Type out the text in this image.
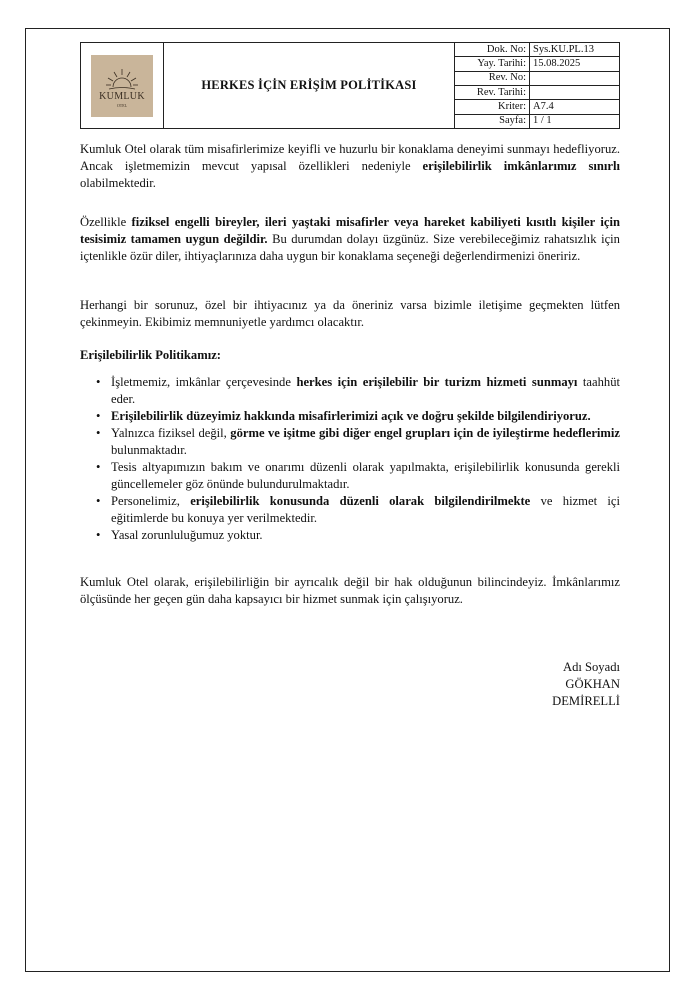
KUMLUK
OTEL
HERKES İÇİN ERİŞİM POLİTİKASI
Dok. No:	Sys.KU.PL.13
Yay. Tarihi:	15.08.2025
Rev. No:	
Rev. Tarihi:	
Kriter:	A7.4
Sayfa:	1 / 1

Kumluk Otel olarak tüm misafirlerimize keyifli ve huzurlu bir konaklama deneyimi sunmayı hedefliyoruz. Ancak işletmemizin mevcut yapısal özellikleri nedeniyle erişilebilirlik imkânlarımız sınırlı olabilmektedir.

Özellikle fiziksel engelli bireyler, ileri yaştaki misafirler veya hareket kabiliyeti kısıtlı kişiler için tesisimiz tamamen uygun değildir. Bu durumdan dolayı üzgünüz. Size verebileceğimiz rahatsızlık için içtenlikle özür diler, ihtiyaçlarınıza daha uygun bir konaklama seçeneği değerlendirmenizi öneririz.

Herhangi bir sorunuz, özel bir ihtiyacınız ya da öneriniz varsa bizimle iletişime geçmekten lütfen çekinmeyin. Ekibimiz memnuniyetle yardımcı olacaktır.

Erişilebilirlik Politikamız:
• İşletmemiz, imkânlar çerçevesinde herkes için erişilebilir bir turizm hizmeti sunmayı taahhüt eder.
• Erişilebilirlik düzeyimiz hakkında misafirlerimizi açık ve doğru şekilde bilgilendiriyoruz.
• Yalnızca fiziksel değil, görme ve işitme gibi diğer engel grupları için de iyileştirme hedeflerimiz bulunmaktadır.
• Tesis altyapımızın bakım ve onarımı düzenli olarak yapılmakta, erişilebilirlik konusunda gerekli güncellemeler göz önünde bulundurulmaktadır.
• Personelimiz, erişilebilirlik konusunda düzenli olarak bilgilendirilmekte ve hizmet içi eğitimlerde bu konuya yer verilmektedir.
• Yasal zorunluluğumuz yoktur.

Kumluk Otel olarak, erişilebilirliğin bir ayrıcalık değil bir hak olduğunun bilincindeyiz. İmkânlarımız ölçüsünde her geçen gün daha kapsayıcı bir hizmet sunmak için çalışıyoruz.

Adı Soyadı
GÖKHAN DEMİRELLİ
